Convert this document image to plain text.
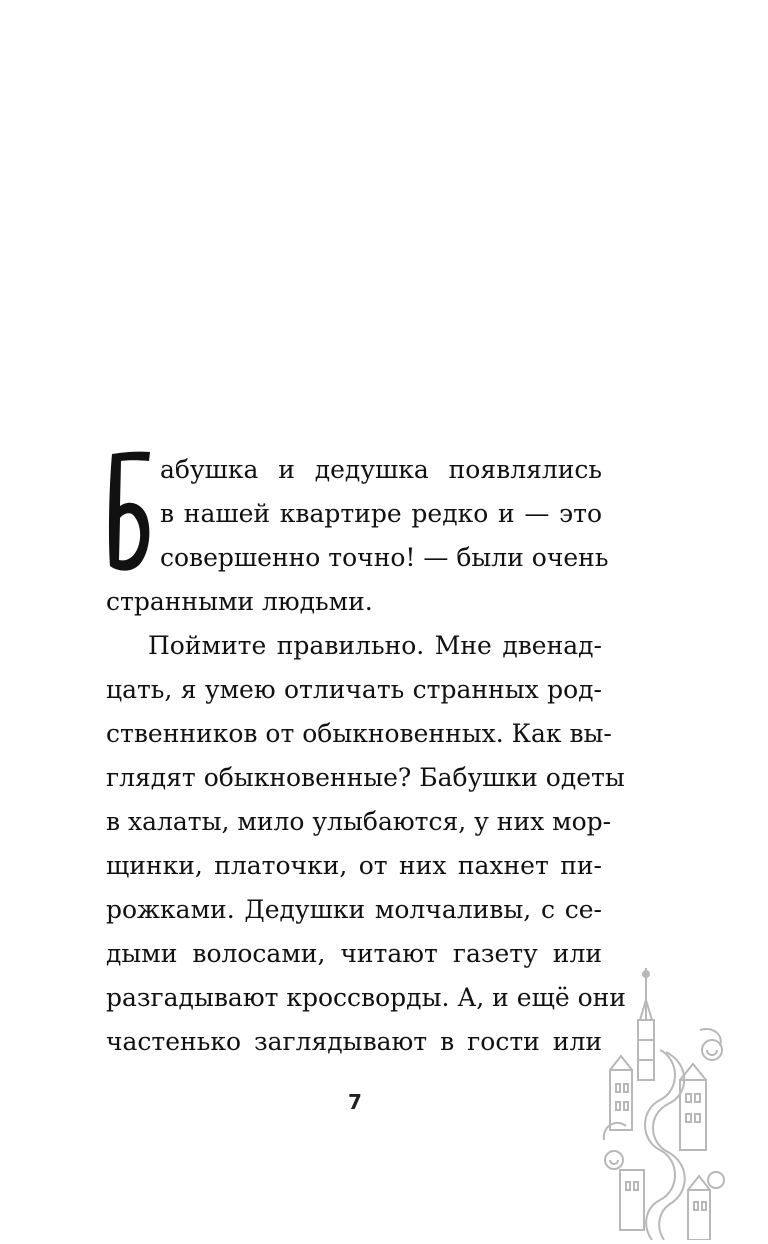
абушка и дедушка появлялись
в нашей квартире редко и — это
совершенно точно! — были очень
странными людьми.
Поймите правильно. Мне двенад-
цать, я умею отличать странных род-
ственников от обыкновенных. Как вы-
глядят обыкновенные? Бабушки одеты
в халаты, мило улыбаются, у них мор-
щинки, платочки, от них пахнет пи-
рожками. Дедушки молчаливы, с се-
дыми волосами, читают газету или
разгадывают кроссворды. А, и ещё они
частенько заглядывают в гости или
7
